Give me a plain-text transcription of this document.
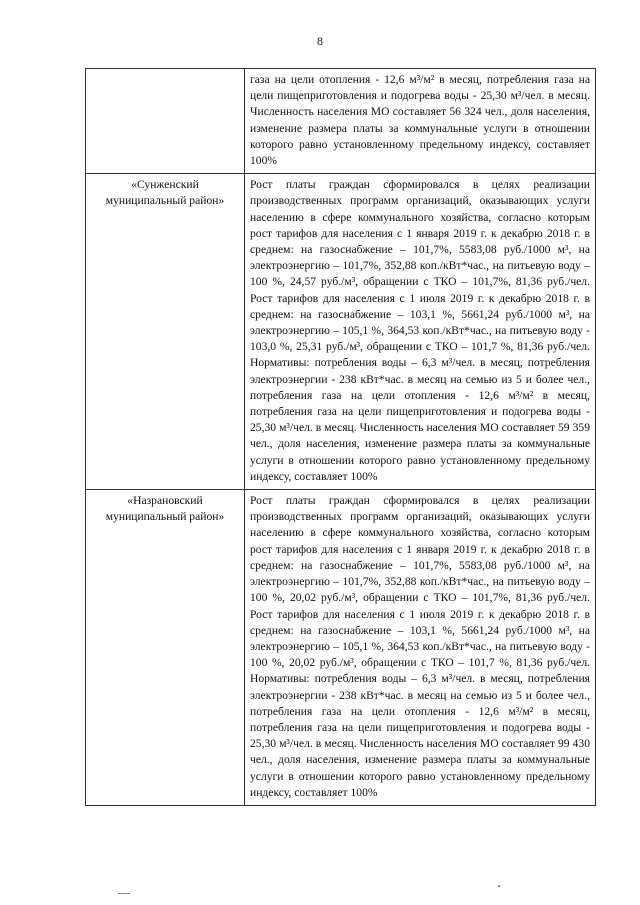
8
	газа на цели отопления - 12,6 м³/м² в месяц, потребления газа на цели пищеприготовления и подогрева воды - 25,30 м³/чел. в месяц. Численность населения МО составляет 56 324 чел., доля населения, изменение размера платы за коммунальные услуги в отношении которого равно установленному предельному индексу, составляет 100%
«Сунженский муниципальный район»	Рост платы граждан сформировался в целях реализации производственных программ организаций, оказывающих услуги населению в сфере коммунального хозяйства, согласно которым рост тарифов для населения с 1 января 2019 г. к декабрю 2018 г. в среднем: на газоснабжение – 101,7%, 5583,08 руб./1000 м³, на электроэнергию – 101,7%, 352,88 коп./кВт*час., на питьевую воду – 100 %, 24,57 руб./м³, обращении с ТКО – 101,7%, 81,36 руб./чел. Рост тарифов для населения с 1 июля 2019 г. к декабрю 2018 г. в среднем: на газоснабжение – 103,1 %, 5661,24 руб./1000 м³, на электроэнергию – 105,1 %, 364,53 коп./кВт*час., на питьевую воду - 103,0 %, 25,31 руб./м³, обращении с ТКО – 101,7 %, 81,36 руб./чел. Нормативы: потребления воды – 6,3 м³/чел. в месяц, потребления электроэнергии - 238 кВт*час. в месяц на семью из 5 и более чел., потребления газа на цели отопления - 12,6 м³/м² в месяц, потребления газа на цели пищеприготовления и подогрева воды - 25,30 м³/чел. в месяц. Численность населения МО составляет 59 359 чел., доля населения, изменение размера платы за коммунальные услуги в отношении которого равно установленному предельному индексу, составляет 100%
«Назрановский муниципальный район»	Рост платы граждан сформировался в целях реализации производственных программ организаций, оказывающих услуги населению в сфере коммунального хозяйства, согласно которым рост тарифов для населения с 1 января 2019 г. к декабрю 2018 г. в среднем: на газоснабжение – 101,7%, 5583,08 руб./1000 м³, на электроэнергию – 101,7%, 352,88 коп./кВт*час., на питьевую воду – 100 %, 20,02 руб./м³, обращении с ТКО – 101,7%, 81,36 руб./чел. Рост тарифов для населения с 1 июля 2019 г. к декабрю 2018 г. в среднем: на газоснабжение – 103,1 %, 5661,24 руб./1000 м³, на электроэнергию – 105,1 %, 364,53 коп./кВт*час., на питьевую воду - 100 %, 20,02 руб./м³, обращении с ТКО – 101,7 %, 81,36 руб./чел. Нормативы: потребления воды – 6,3 м³/чел. в месяц, потребления электроэнергии - 238 кВт*час. в месяц на семью из 5 и более чел., потребления газа на цели отопления - 12,6 м³/м² в месяц, потребления газа на цели пищеприготовления и подогрева воды - 25,30 м³/чел. в месяц. Численность населения МО составляет 99 430 чел., доля населения, изменение размера платы за коммунальные услуги в отношении которого равно установленному предельному индексу, составляет 100%
